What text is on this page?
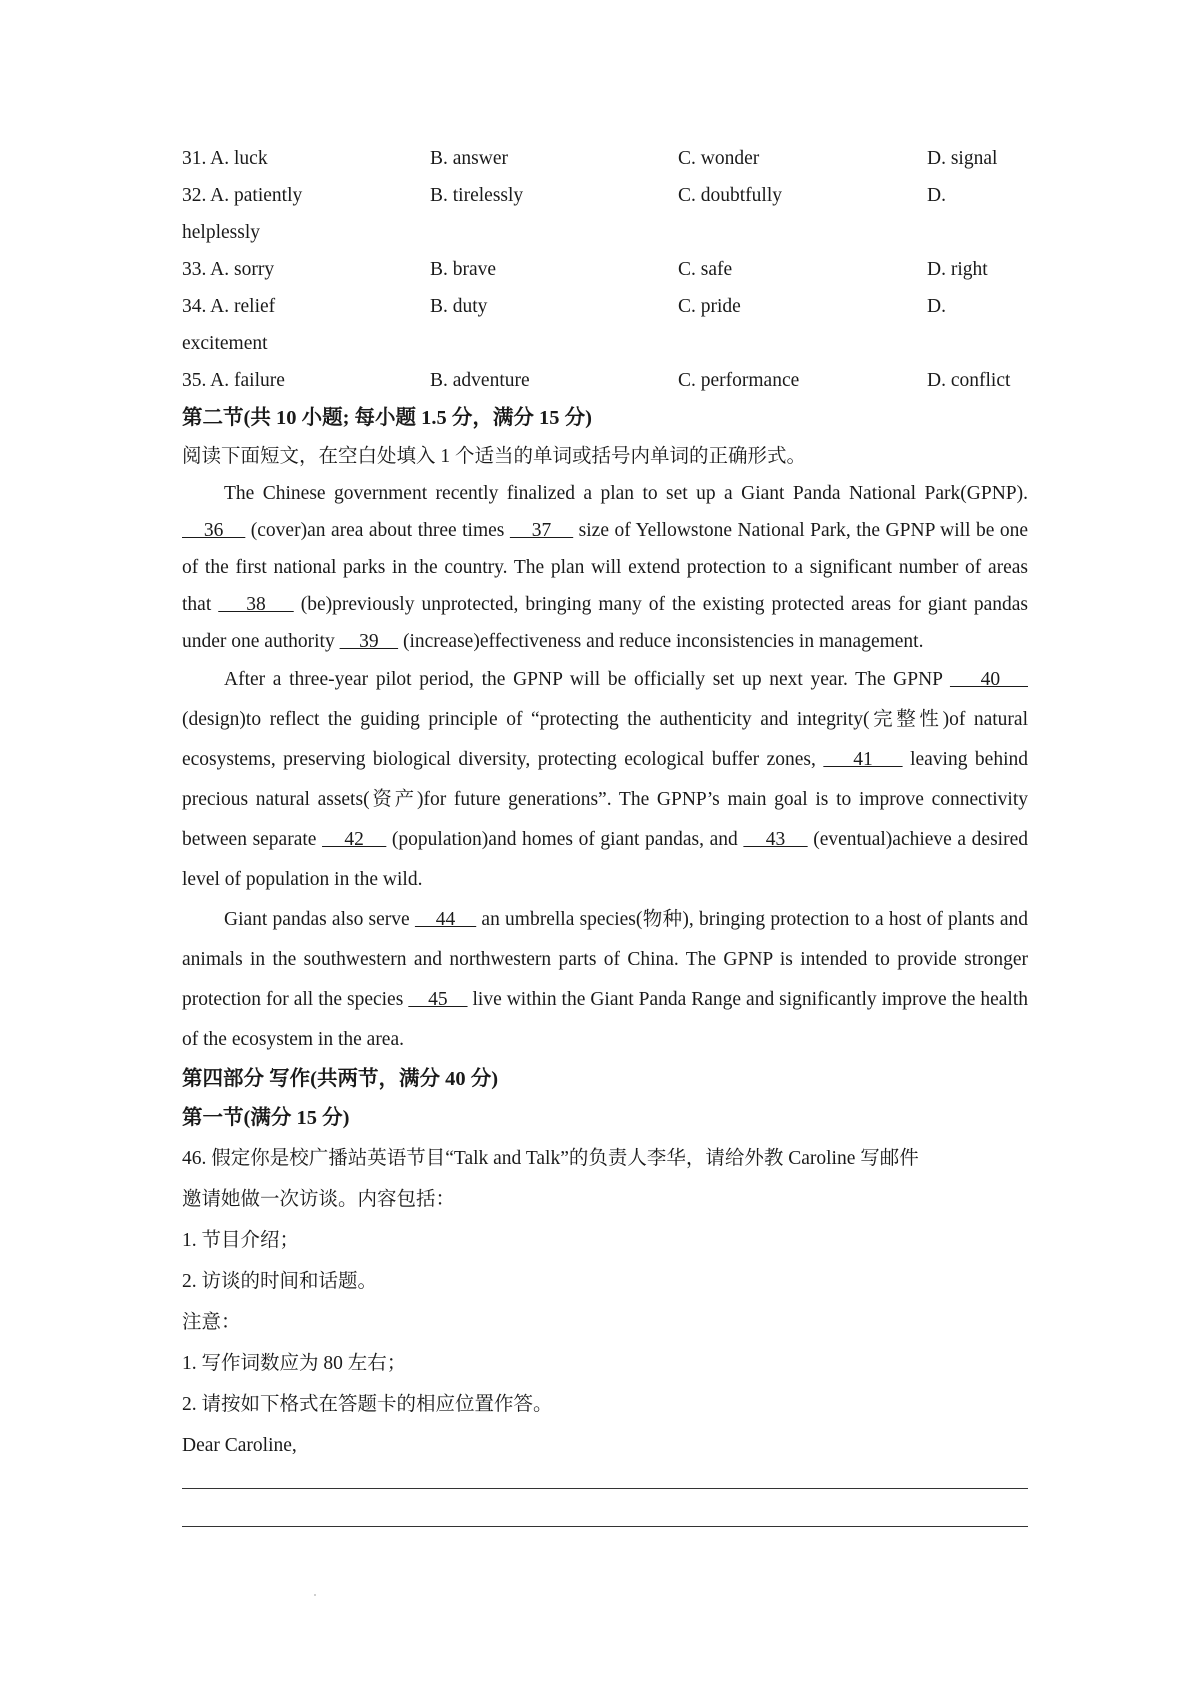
31. A. luck	B. answer	C. wonder	D. signal
32. A. patiently	B. tirelessly	C. doubtfully	D.
helplessly
33. A. sorry	B. brave	C. safe	D. right
34. A. relief	B. duty	C. pride	D.
excitement
35. A. failure	B. adventure	C. performance	D. conflict
第二节(共 10 小题; 每小题 1.5 分，满分 15 分)
阅读下面短文，在空白处填入 1 个适当的单词或括号内单词的正确形式。
The Chinese government recently finalized a plan to set up a Giant Panda National Park(GPNP).     36     (cover)an area about three times     37     size of Yellowstone National Park, the GPNP will be one of the first national parks in the country. The plan will extend protection to a significant number of areas that     38     (be)previously unprotected, bringing many of the existing protected areas for giant pandas under one authority     39     (increase)effectiveness and reduce inconsistencies in management.
After a three-year pilot period, the GPNP will be officially set up next year. The GPNP     40     (design)to reflect the guiding principle of “protecting the authenticity and integrity(完整性)of natural ecosystems, preserving biological diversity, protecting ecological buffer zones,     41     leaving behind precious natural assets(资产)for future generations”. The GPNP’s main goal is to improve connectivity between separate     42     (population)and homes of giant pandas, and     43     (eventual)achieve a desired level of population in the wild.
Giant pandas also serve     44     an umbrella species(物种), bringing protection to a host of plants and animals in the southwestern and northwestern parts of China. The GPNP is intended to provide stronger protection for all the species     45     live within the Giant Panda Range and significantly improve the health of the ecosystem in the area.
第四部分 写作(共两节，满分 40 分)
第一节(满分 15 分)
46. 假定你是校广播站英语节目“Talk and Talk”的负责人李华，请给外教 Caroline 写邮件
邀请她做一次访谈。内容包括：
1. 节目介绍；
2. 访谈的时间和话题。
注意：
1. 写作词数应为 80 左右；
2. 请按如下格式在答题卡的相应位置作答。
Dear Caroline,
